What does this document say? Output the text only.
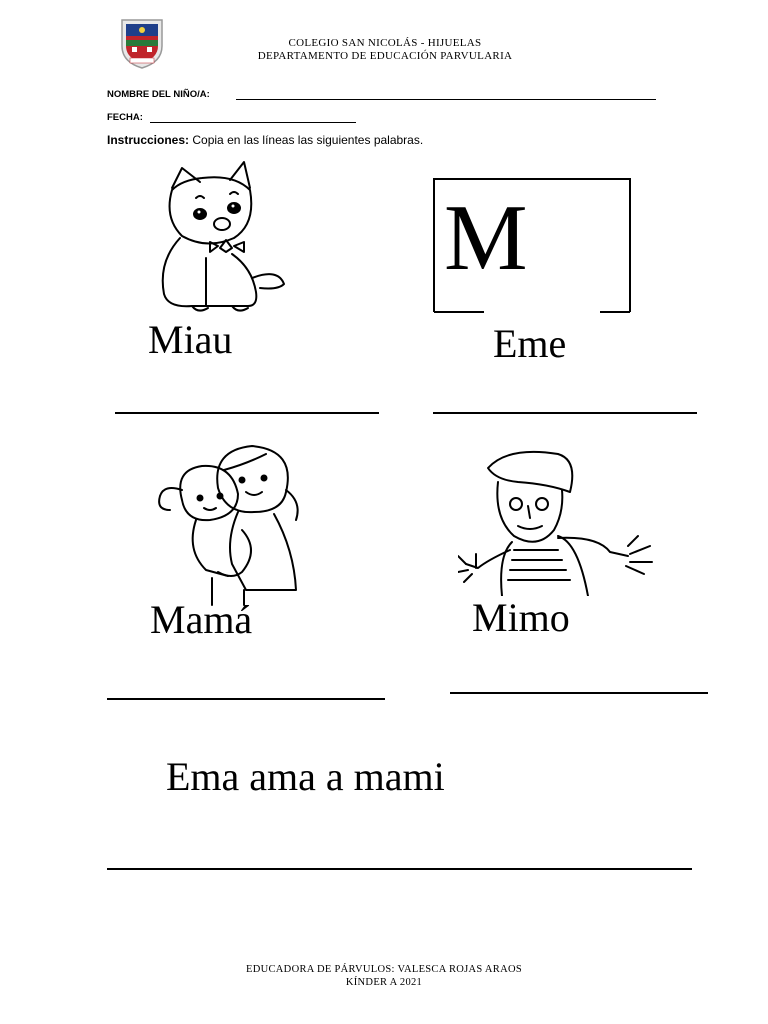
COLEGIO SAN NICOLÁS - HIJUELAS
DEPARTAMENTO DE EDUCACIÓN PARVULARIA
NOMBRE DEL NIÑO/A:
FECHA:
Instrucciones: Copia en las líneas las siguientes palabras.
M
Miau	Eme
Mamá	Mimo
Ema ama a mami
EDUCADORA DE PÁRVULOS: VALESCA ROJAS ARAOS
KÍNDER A 2021
